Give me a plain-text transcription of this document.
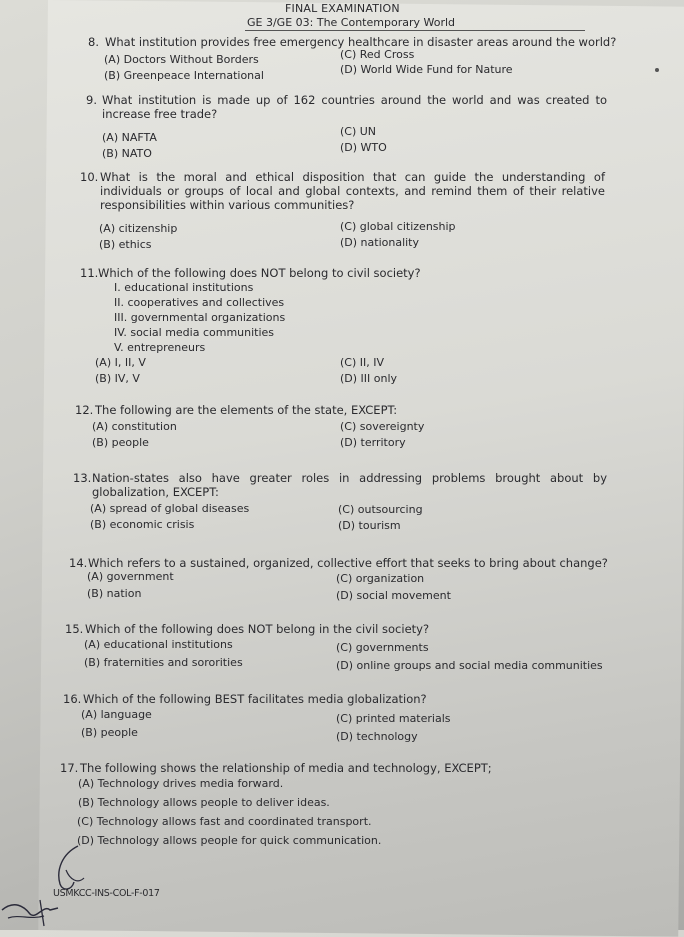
FINAL EXAMINATION
GE 3/GE 03: The Contemporary World
8. What institution provides free emergency healthcare in disaster areas around the world?
(A) Doctors Without Borders
(B) Greenpeace International
(C) Red Cross
(D) World Wide Fund for Nature
9. What institution is made up of 162 countries around the world and was created to increase free trade?
(A) NAFTA
(B) NATO
(C) UN
(D) WTO
10. What is the moral and ethical disposition that can guide the understanding of individuals or groups of local and global contexts, and remind them of their relative responsibilities within various communities?
(A) citizenship
(B) ethics
(C) global citizenship
(D) nationality
11. Which of the following does NOT belong to civil society?
I. educational institutions
II. cooperatives and collectives
III. governmental organizations
IV. social media communities
V. entrepreneurs
(A) I, II, V
(B) IV, V
(C) II, IV
(D) III only
12. The following are the elements of the state, EXCEPT:
(A) constitution
(B) people
(C) sovereignty
(D) territory
13. Nation-states also have greater roles in addressing problems brought about by globalization, EXCEPT:
(A) spread of global diseases
(B) economic crisis
(C) outsourcing
(D) tourism
14. Which refers to a sustained, organized, collective effort that seeks to bring about change?
(A) government
(B) nation
(C) organization
(D) social movement
15. Which of the following does NOT belong in the civil society?
(A) educational institutions
(B) fraternities and sororities
(C) governments
(D) online groups and social media communities
16. Which of the following BEST facilitates media globalization?
(A) language
(B) people
(C) printed materials
(D) technology
17. The following shows the relationship of media and technology, EXCEPT;
(A) Technology drives media forward.
(B) Technology allows people to deliver ideas.
(C) Technology allows fast and coordinated transport.
(D) Technology allows people for quick communication.
USMKCC-INS-COL-F-017
